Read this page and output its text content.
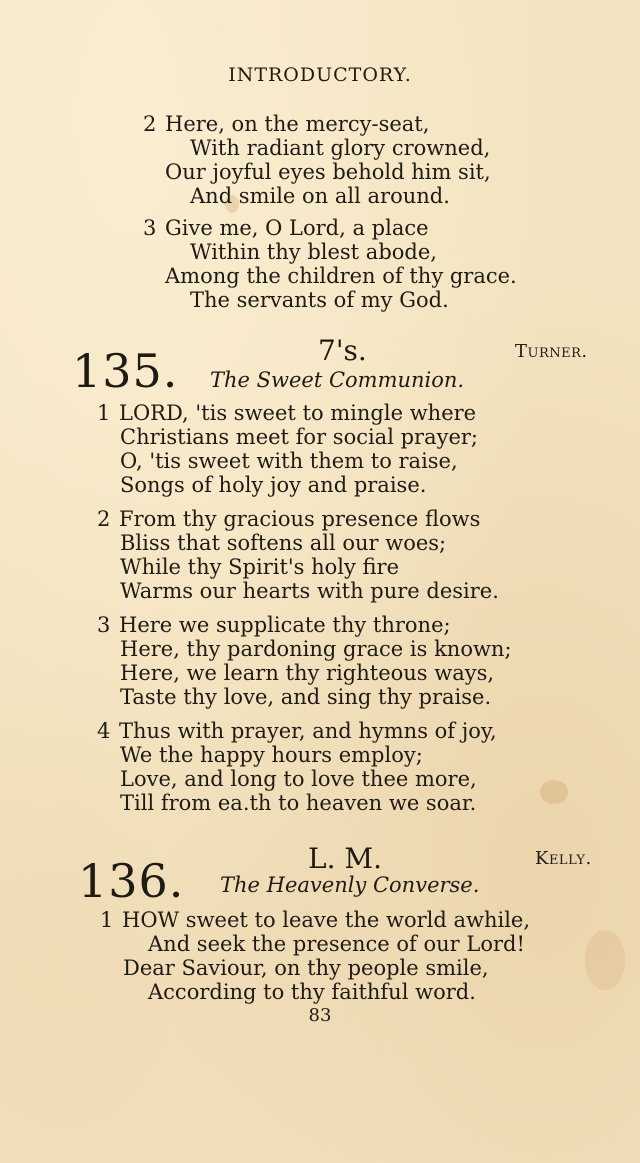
INTRODUCTORY.
2 Here, on the mercy-seat,
With radiant glory crowned,
Our joyful eyes behold him sit,
And smile on all around.
3 Give me, O Lord, a place
Within thy blest abode,
Among the children of thy grace.
The servants of my God.
135.	7's.	Turner.
The Sweet Communion.
1 LORD, 'tis sweet to mingle where
Christians meet for social prayer;
O, 'tis sweet with them to raise,
Songs of holy joy and praise.
2 From thy gracious presence flows
Bliss that softens all our woes;
While thy Spirit's holy fire
Warms our hearts with pure desire.
3 Here we supplicate thy throne;
Here, thy pardoning grace is known;
Here, we learn thy righteous ways,
Taste thy love, and sing thy praise.
4 Thus with prayer, and hymns of joy,
We the happy hours employ;
Love, and long to love thee more,
Till from ea.th to heaven we soar.
136.	L. M.	Kelly.
The Heavenly Converse.
1 HOW sweet to leave the world awhile,
And seek the presence of our Lord!
Dear Saviour, on thy people smile,
According to thy faithful word.
83
